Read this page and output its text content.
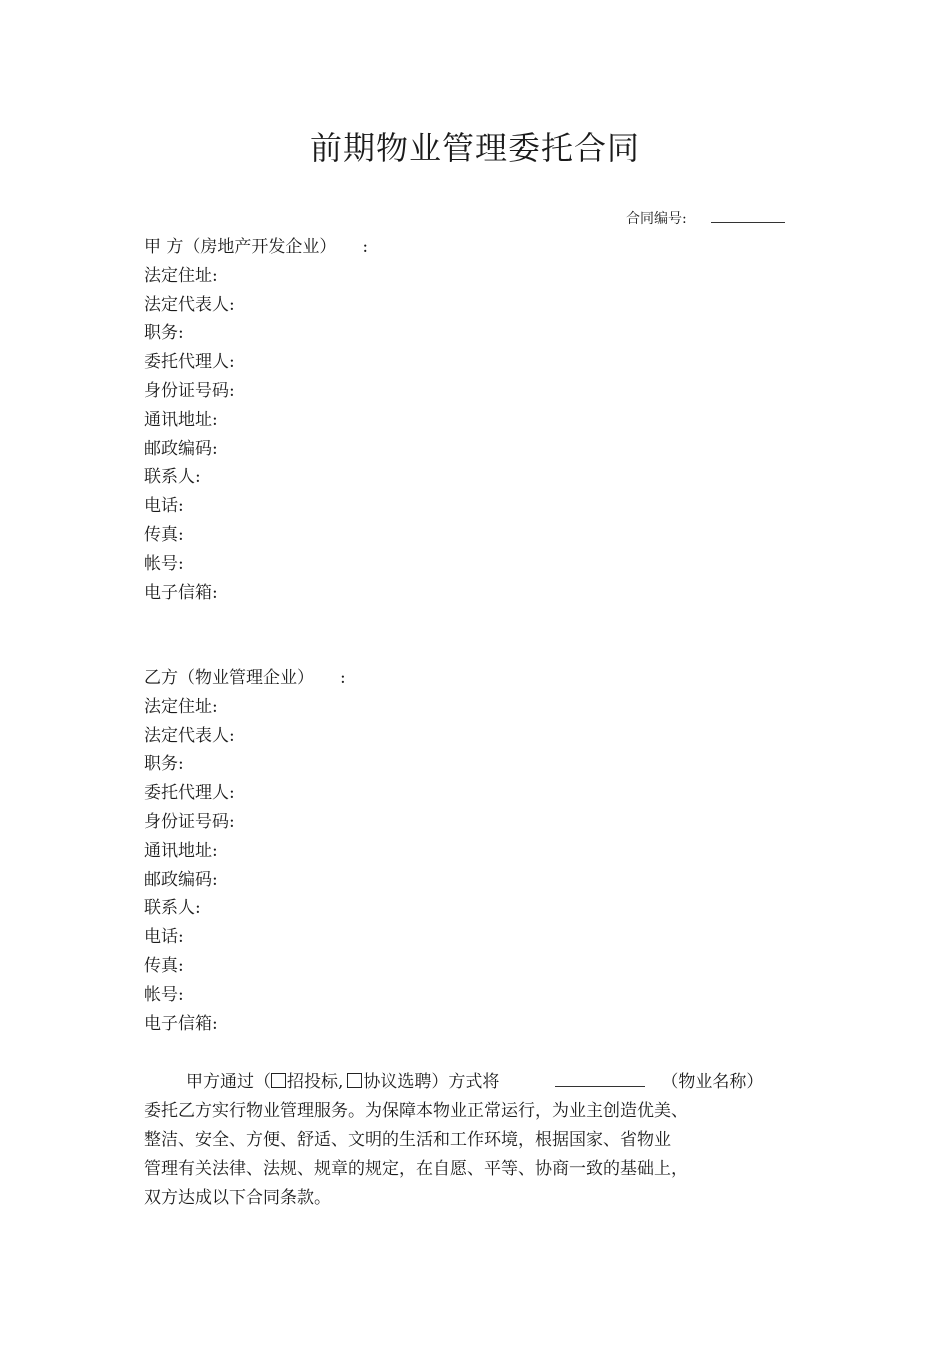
前期物业管理委托合同
合同编号:
甲 方（房地产开发企业） :
法定住址:
法定代表人:
职务:
委托代理人:
身份证号码:
通讯地址:
邮政编码:
联系人:
电话:
传真:
帐号:
电子信箱:
乙方（物业管理企业） :
法定住址:
法定代表人:
职务:
委托代理人:
身份证号码:
通讯地址:
邮政编码:
联系人:
电话:
传真:
帐号:
电子信箱:
甲方通过（ 招投标, 协议选聘）方式将	（物业名称）
委托乙方实行物业管理服务。为保障本物业正常运行，为业主创造优美、
整洁、安全、方便、舒适、文明的生活和工作环境，根据国家、省物业
管理有关法律、法规、规章的规定，在自愿、平等、协商一致的基础上，
双方达成以下合同条款。
